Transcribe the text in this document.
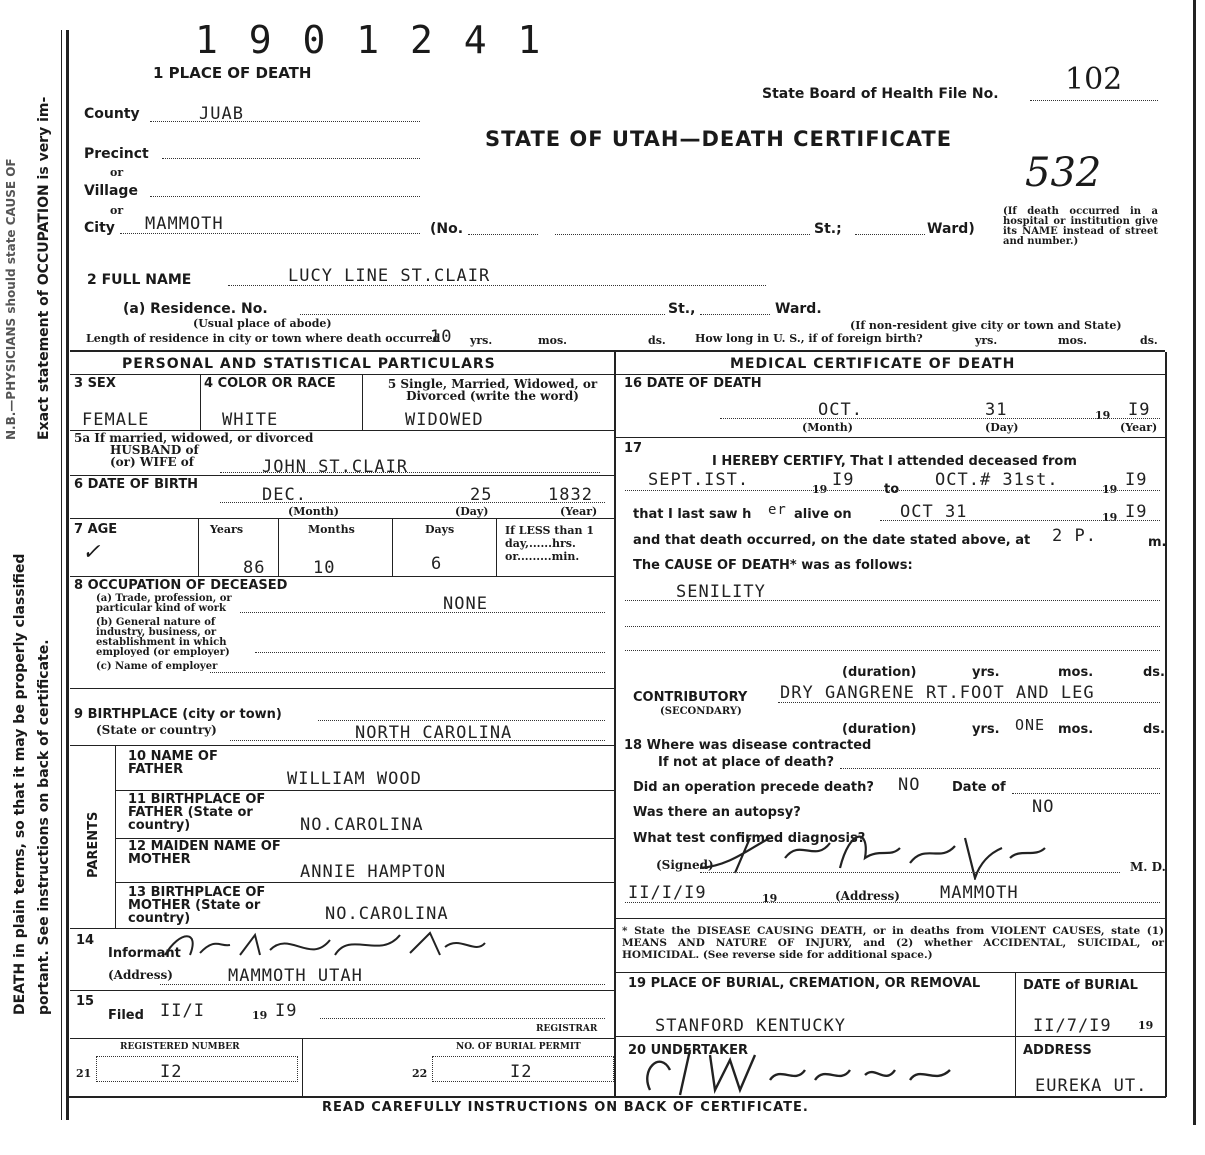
DEATH in plain terms, so that it may be properly classified portant. See instructions on back of certificate.
Exact statement of OCCUPATION is very im-
N.B.—PHYSICIANS should state CAUSE OF
1 9 0 1 2 4 1
1 PLACE OF DEATH
State Board of Health File No. 102
STATE OF UTAH—DEATH CERTIFICATE
532
County	JUAB
Precinct
or
Village
or
City MAMMOTH	(No.	St.;	Ward)
(If death occurred in a hospital or institution give its NAME instead of street and number.)
2 FULL NAME	LUCY LINE ST.CLAIR
(a) Residence. No.
(Usual place of abode)
St.,	Ward.
(If non-resident give city or town and State)
Length of residence in city or town where death occurred
10 yrs.	mos.	ds.	How long in U. S., if of foreign birth?	yrs.	mos.	ds.
PERSONAL AND STATISTICAL PARTICULARS
3 SEX
FEMALE
4 COLOR OR RACE
WHITE
5 Single, Married, Widowed, or Divorced (write the word)
WIDOWED
5a If married, widowed, or divorced
HUSBAND of
(or) WIFE of	JOHN ST.CLAIR
6 DATE OF BIRTH
DEC.	25	1832
(Month)	(Day)	(Year)
7 AGE	Years	Months	Days
86	10	6
If LESS than 1 day,......hrs. or.........min.
✓
8 OCCUPATION OF DECEASED
(a) Trade, profession, or particular kind of work	NONE
(b) General nature of industry, business, or establishment in which employed (or employer)
(c) Name of employer
9 BIRTHPLACE (city or town)
(State or country)	NORTH CAROLINA
PARENTS
10 NAME OF FATHER	WILLIAM WOOD
11 BIRTHPLACE OF FATHER (State or country)	NO.CAROLINA
12 MAIDEN NAME OF MOTHER
ANNIE HAMPTON
13 BIRTHPLACE OF MOTHER (State or country)	NO.CAROLINA
14
Informant
(Address)	MAMMOTH UTAH
15
Filed II/I	19 I9
REGISTRAR
REGISTERED NUMBER
21	I2
NO. OF BURIAL PERMIT
22	I2
MEDICAL CERTIFICATE OF DEATH
16 DATE OF DEATH
OCT.	31	19 I9
(Month)	(Day)	(Year)
17
I HEREBY CERTIFY, That I attended deceased from
SEPT.IST.	19 I9 to OCT.# 31st.	19 I9
that I last saw h er alive on	OCT 31	19 I9
and that death occurred, on the date stated above, at 2 P.	m.
The CAUSE OF DEATH* was as follows:
SENILITY
(duration)	yrs.	mos.	ds.
CONTRIBUTORY
(SECONDARY)
DRY GANGRENE RT.FOOT AND LEG
(duration)	yrs. ONE mos.	ds.
18 Where was disease contracted
If not at place of death?
Did an operation precede death? NO Date of
Was there an autopsy?	NO
What test confirmed diagnosis?
(Signed)	M. D.
II/I/I9	19	(Address) MAMMOTH
* State the DISEASE CAUSING DEATH, or in deaths from VIOLENT CAUSES, state (1) MEANS AND NATURE OF INJURY, and (2) whether ACCIDENTAL, SUICIDAL, or HOMICIDAL. (See reverse side for additional space.)
19 PLACE OF BURIAL, CREMATION, OR REMOVAL
STANFORD KENTUCKY
DATE of BURIAL
II/7/I9 19
20 UNDERTAKER	ADDRESS
EUREKA UT.
READ CAREFULLY INSTRUCTIONS ON BACK OF CERTIFICATE.
